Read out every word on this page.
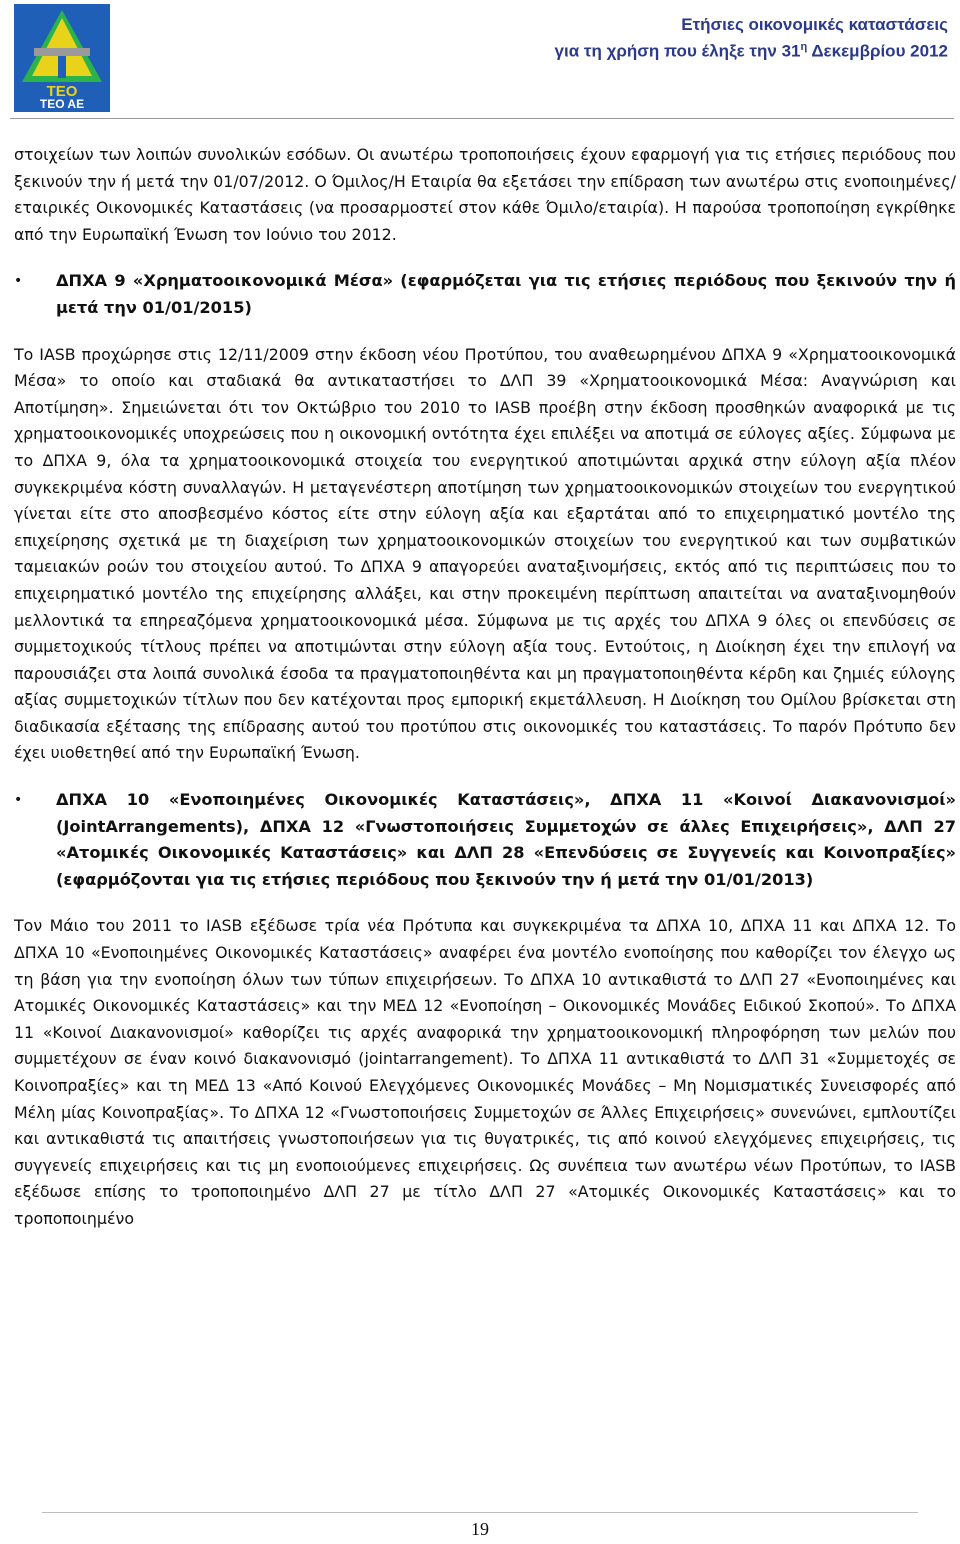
TEO
TEO AE
Ετήσιες οικονομικές καταστάσεις
για τη χρήση που έληξε την $31^\eta$ Δεκεμβρίου 2012

στοιχείων των λοιπών συνολικών εσόδων. Οι ανωτέρω τροποποιήσεις έχουν εφαρμογή για τις ετήσιες περιόδους που ξεκινούν την ή μετά την 01/07/2012. Ο Όμιλος/Η Εταιρία θα εξετάσει την επίδραση των ανωτέρω στις ενοποιημένες/εταιρικές Οικονομικές Καταστάσεις (να προσαρμοστεί στον κάθε Όμιλο/εταιρία). Η παρούσα τροποποίηση εγκρίθηκε από την Ευρωπαϊκή Ένωση τον Ιούνιο του 2012.

• ΔΠΧΑ 9 «Χρηματοοικονομικά Μέσα» (εφαρμόζεται για τις ετήσιες περιόδους που ξεκινούν την ή μετά την 01/01/2015)

Το IASB προχώρησε στις 12/11/2009 στην έκδοση νέου Προτύπου, του αναθεωρημένου ΔΠΧΑ 9 «Χρηματοοικονομικά Μέσα» το οποίο και σταδιακά θα αντικαταστήσει το ΔΛΠ 39 «Χρηματοοικονομικά Μέσα: Αναγνώριση και Αποτίμηση». Σημειώνεται ότι τον Οκτώβριο του 2010 το IASB προέβη στην έκδοση προσθηκών αναφορικά με τις χρηματοοικονομικές υποχρεώσεις που η οικονομική οντότητα έχει επιλέξει να αποτιμά σε εύλογες αξίες. Σύμφωνα με το ΔΠΧΑ 9, όλα τα χρηματοοικονομικά στοιχεία του ενεργητικού αποτιμώνται αρχικά στην εύλογη αξία πλέον συγκεκριμένα κόστη συναλλαγών. Η μεταγενέστερη αποτίμηση των χρηματοοικονομικών στοιχείων του ενεργητικού γίνεται είτε στο αποσβεσμένο κόστος είτε στην εύλογη αξία και εξαρτάται από το επιχειρηματικό μοντέλο της επιχείρησης σχετικά με τη διαχείριση των χρηματοοικονομικών στοιχείων του ενεργητικού και των συμβατικών ταμειακών ροών του στοιχείου αυτού. Το ΔΠΧΑ 9 απαγορεύει αναταξινομήσεις, εκτός από τις περιπτώσεις που το επιχειρηματικό μοντέλο της επιχείρησης αλλάξει, και στην προκειμένη περίπτωση απαιτείται να αναταξινομηθούν μελλοντικά τα επηρεαζόμενα χρηματοοικονομικά μέσα. Σύμφωνα με τις αρχές του ΔΠΧΑ 9 όλες οι επενδύσεις σε συμμετοχικούς τίτλους πρέπει να αποτιμώνται στην εύλογη αξία τους. Εντούτοις, η Διοίκηση έχει την επιλογή να παρουσιάζει στα λοιπά συνολικά έσοδα τα πραγματοποιηθέντα και μη πραγματοποιηθέντα κέρδη και ζημιές εύλογης αξίας συμμετοχικών τίτλων που δεν κατέχονται προς εμπορική εκμετάλλευση. Η Διοίκηση του Ομίλου βρίσκεται στη διαδικασία εξέτασης της επίδρασης αυτού του προτύπου στις οικονομικές του καταστάσεις. Το παρόν Πρότυπο δεν έχει υιοθετηθεί από την Ευρωπαϊκή Ένωση.

• ΔΠΧΑ 10 «Ενοποιημένες Οικονομικές Καταστάσεις», ΔΠΧΑ 11 «Κοινοί Διακανονισμοί» (JointArrangements), ΔΠΧΑ 12 «Γνωστοποιήσεις Συμμετοχών σε άλλες Επιχειρήσεις», ΔΛΠ 27 «Ατομικές Οικονομικές Καταστάσεις» και ΔΛΠ 28 «Επενδύσεις σε Συγγενείς και Κοινοπραξίες» (εφαρμόζονται για τις ετήσιες περιόδους που ξεκινούν την ή μετά την 01/01/2013)

Τον Μάιο του 2011 το IASB εξέδωσε τρία νέα Πρότυπα και συγκεκριμένα τα ΔΠΧΑ 10, ΔΠΧΑ 11 και ΔΠΧΑ 12. Το ΔΠΧΑ 10 «Ενοποιημένες Οικονομικές Καταστάσεις» αναφέρει ένα μοντέλο ενοποίησης που καθορίζει τον έλεγχο ως τη βάση για την ενοποίηση όλων των τύπων επιχειρήσεων. Το ΔΠΧΑ 10 αντικαθιστά το ΔΛΠ 27 «Ενοποιημένες και Ατομικές Οικονομικές Καταστάσεις» και την ΜΕΔ 12 «Ενοποίηση – Οικονομικές Μονάδες Ειδικού Σκοπού». Το ΔΠΧΑ 11 «Κοινοί Διακανονισμοί» καθορίζει τις αρχές αναφορικά την χρηματοοικονομική πληροφόρηση των μελών που συμμετέχουν σε έναν κοινό διακανονισμό (jointarrangement). Το ΔΠΧΑ 11 αντικαθιστά το ΔΛΠ 31 «Συμμετοχές σε Κοινοπραξίες» και τη ΜΕΔ 13 «Από Κοινού Ελεγχόμενες Οικονομικές Μονάδες – Μη Νομισματικές Συνεισφορές από Μέλη μίας Κοινοπραξίας». Το ΔΠΧΑ 12 «Γνωστοποιήσεις Συμμετοχών σε Άλλες Επιχειρήσεις» συνενώνει, εμπλουτίζει και αντικαθιστά τις απαιτήσεις γνωστοποιήσεων για τις θυγατρικές, τις από κοινού ελεγχόμενες επιχειρήσεις, τις συγγενείς επιχειρήσεις και τις μη ενοποιούμενες επιχειρήσεις. Ως συνέπεια των ανωτέρω νέων Προτύπων, το IASB εξέδωσε επίσης το τροποποιημένο ΔΛΠ 27 με τίτλο ΔΛΠ 27 «Ατομικές Οικονομικές Καταστάσεις» και το τροποποιημένο

19
